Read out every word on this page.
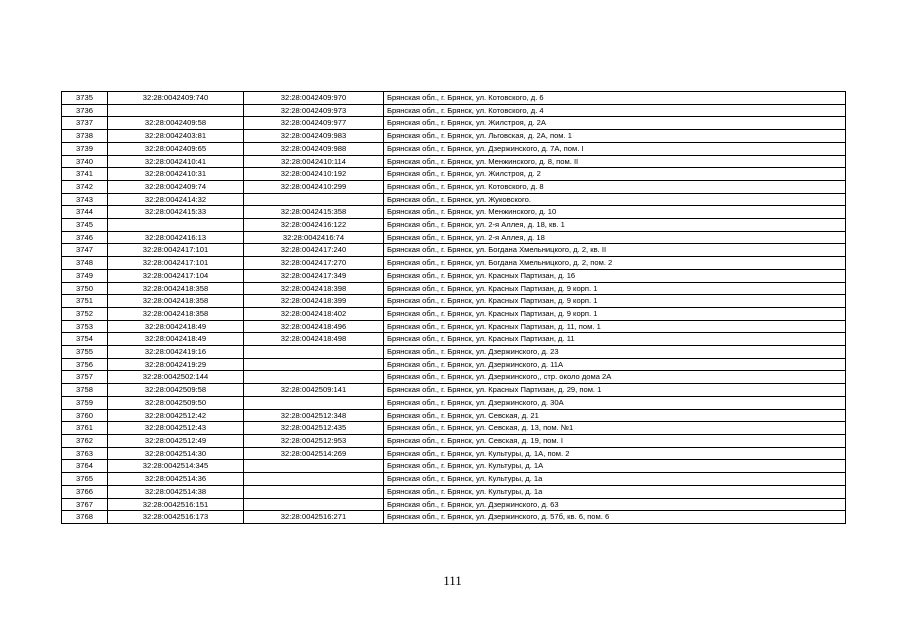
3735	32:28:0042409:740	32:28:0042409:970	Брянская обл., г. Брянск, ул. Котовского, д. 6
3736		32:28:0042409:973	Брянская обл., г. Брянск, ул. Котовского, д. 4
3737	32:28:0042409:58	32:28:0042409:977	Брянская обл., г. Брянск, ул. Жилстроя, д. 2А
3738	32:28:0042403:81	32:28:0042409:983	Брянская обл., г. Брянск, ул. Льговская, д. 2А, пом. 1
3739	32:28:0042409:65	32:28:0042409:988	Брянская обл., г. Брянск, ул. Дзержинского, д. 7А, пом. I
3740	32:28:0042410:41	32:28:0042410:114	Брянская обл., г. Брянск, ул. Менжинского, д. 8, пом. II
3741	32:28:0042410:31	32:28:0042410:192	Брянская обл., г. Брянск, ул. Жилстроя, д. 2
3742	32:28:0042409:74	32:28:0042410:299	Брянская обл., г. Брянск, ул. Котовского, д. 8
3743	32:28:0042414:32		Брянская обл., г. Брянск, ул. Жуковского.
3744	32:28:0042415:33	32:28:0042415:358	Брянская обл., г. Брянск, ул. Менжинского, д. 10
3745		32:28:0042416:122	Брянская обл., г. Брянск, ул. 2-я Аллея, д. 18, кв. 1
3746	32:28:0042416:13	32:28:0042416:74	Брянская обл., г. Брянск, ул. 2-я Аллея, д. 18
3747	32:28:0042417:101	32:28:0042417:240	Брянская обл., г. Брянск, ул. Богдана Хмельницкого, д. 2, кв. II
3748	32:28:0042417:101	32:28:0042417:270	Брянская обл., г. Брянск, ул. Богдана Хмельницкого, д. 2, пом. 2
3749	32:28:0042417:104	32:28:0042417:349	Брянская обл., г. Брянск, ул. Красных Партизан, д. 16
3750	32:28:0042418:358	32:28:0042418:398	Брянская обл., г. Брянск, ул. Красных Партизан, д. 9 корп. 1
3751	32:28:0042418:358	32:28:0042418:399	Брянская обл., г. Брянск, ул. Красных Партизан, д. 9 корп. 1
3752	32:28:0042418:358	32:28:0042418:402	Брянская обл., г. Брянск, ул. Красных Партизан, д. 9 корп. 1
3753	32:28:0042418:49	32:28:0042418:496	Брянская обл., г. Брянск, ул. Красных Партизан, д. 11, пом. 1
3754	32:28:0042418:49	32:28:0042418:498	Брянская обл., г. Брянск, ул. Красных Партизан, д. 11
3755	32:28:0042419:16		Брянская обл., г. Брянск, ул. Дзержинского, д. 23
3756	32:28:0042419:29		Брянская обл., г. Брянск, ул. Дзержинского, д. 11А
3757	32:28:0042502:144		Брянская обл., г. Брянск, ул. Дзержинского,, стр. около дома 2А
3758	32:28:0042509:58	32:28:0042509:141	Брянская обл., г. Брянск, ул. Красных Партизан, д. 29, пом. 1
3759	32:28:0042509:50		Брянская обл., г. Брянск, ул. Дзержинского, д. 30А
3760	32:28:0042512:42	32:28:0042512:348	Брянская обл., г. Брянск, ул. Севская, д. 21
3761	32:28:0042512:43	32:28:0042512:435	Брянская обл., г. Брянск, ул. Севская, д. 13, пом. №1
3762	32:28:0042512:49	32:28:0042512:953	Брянская обл., г. Брянск, ул. Севская, д. 19, пом. I
3763	32:28:0042514:30	32:28:0042514:269	Брянская обл., г. Брянск, ул. Культуры, д. 1А, пом. 2
3764	32:28:0042514:345		Брянская обл., г. Брянск, ул. Культуры, д. 1А
3765	32:28:0042514:36		Брянская обл., г. Брянск, ул. Культуры, д. 1а
3766	32:28:0042514:38		Брянская обл., г. Брянск, ул. Культуры, д. 1а
3767	32:28:0042516:151		Брянская обл., г. Брянск, ул. Дзержинского, д. 63
3768	32:28:0042516:173	32:28:0042516:271	Брянская обл., г. Брянск, ул. Дзержинского, д. 57б, кв. 6, пом. 6
111
